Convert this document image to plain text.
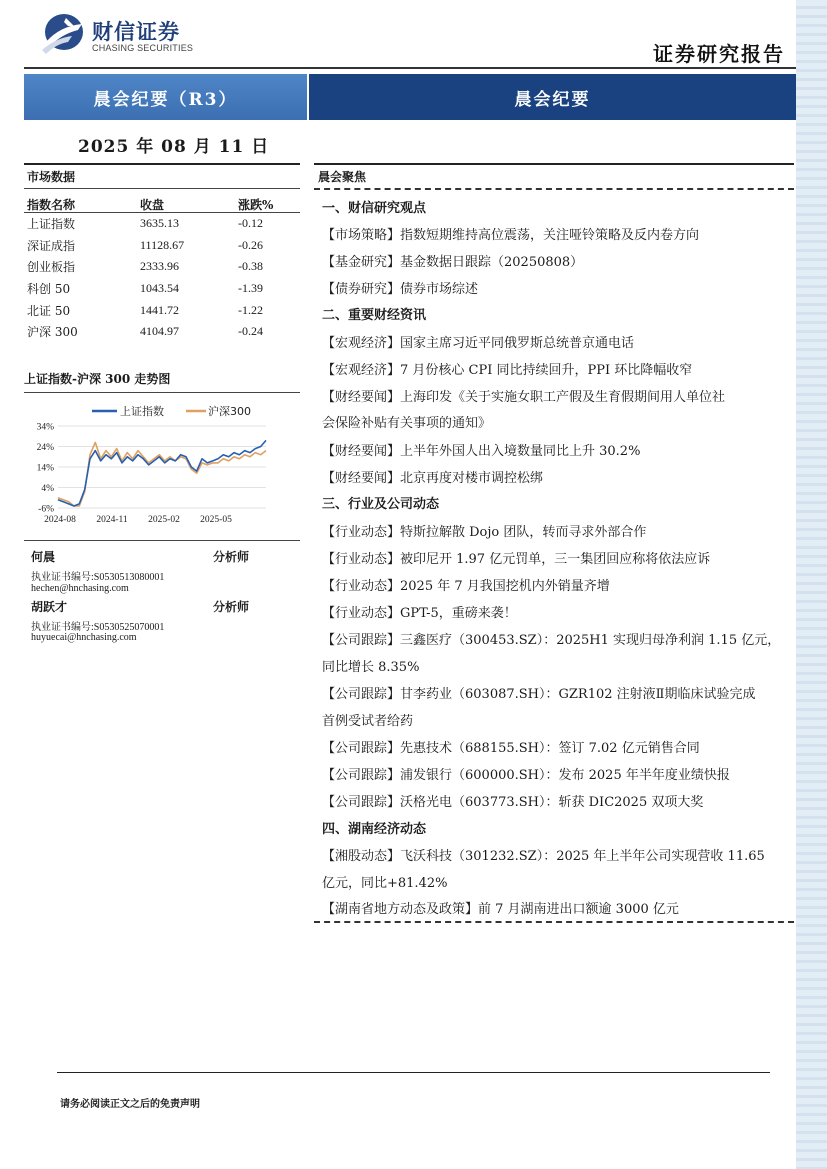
财信证券
CHASING SECURITIES	证券研究报告
晨会纪要（R3）	晨会纪要
2025 年 08 月 11 日
市场数据
指数名称	收盘	涨跌%
上证指数	3635.13	-0.12
深证成指	11128.67	-0.26
创业板指	2333.96	-0.38
科创 50	1043.54	-1.39
北证 50	1441.72	-1.22
沪深 300	4104.97	-0.24
上证指数-沪深 300 走势图
34%
24%
14%
4%
-6%
2024-08 2024-11 2025-02 2025-05
上证指数	沪深300
何晨	分析师
执业证书编号:S0530513080001
hechen@hnchasing.com
胡跃才	分析师
执业证书编号:S0530525070001
huyuecai@hnchasing.com
晨会聚焦
一、财信研究观点
【市场策略】指数短期维持高位震荡，关注哑铃策略及反内卷方向
【基金研究】基金数据日跟踪（20250808）
【债券研究】债券市场综述
二、重要财经资讯
【宏观经济】国家主席习近平同俄罗斯总统普京通电话
【宏观经济】7 月份核心 CPI 同比持续回升，PPI 环比降幅收窄
【财经要闻】上海印发《关于实施女职工产假及生育假期间用人单位社
会保险补贴有关事项的通知》
【财经要闻】上半年外国人出入境数量同比上升 30.2%
【财经要闻】北京再度对楼市调控松绑
三、行业及公司动态
【行业动态】特斯拉解散 Dojo 团队，转而寻求外部合作
【行业动态】被印尼开 1.97 亿元罚单，三一集团回应称将依法应诉
【行业动态】2025 年 7 月我国挖机内外销量齐增
【行业动态】GPT-5，重磅来袭！
【公司跟踪】三鑫医疗（300453.SZ）：2025H1 实现归母净利润 1.15 亿元，
同比增长 8.35%
【公司跟踪】甘李药业（603087.SH）：GZR102 注射液Ⅱ期临床试验完成
首例受试者给药
【公司跟踪】先惠技术（688155.SH）：签订 7.02 亿元销售合同
【公司跟踪】浦发银行（600000.SH）：发布 2025 年半年度业绩快报
【公司跟踪】沃格光电（603773.SH）：斩获 DIC2025 双项大奖
四、湖南经济动态
【湘股动态】飞沃科技（301232.SZ）：2025 年上半年公司实现营收 11.65
亿元，同比+81.42%
【湖南省地方动态及政策】前 7 月湖南进出口额逾 3000 亿元
请务必阅读正文之后的免责声明
